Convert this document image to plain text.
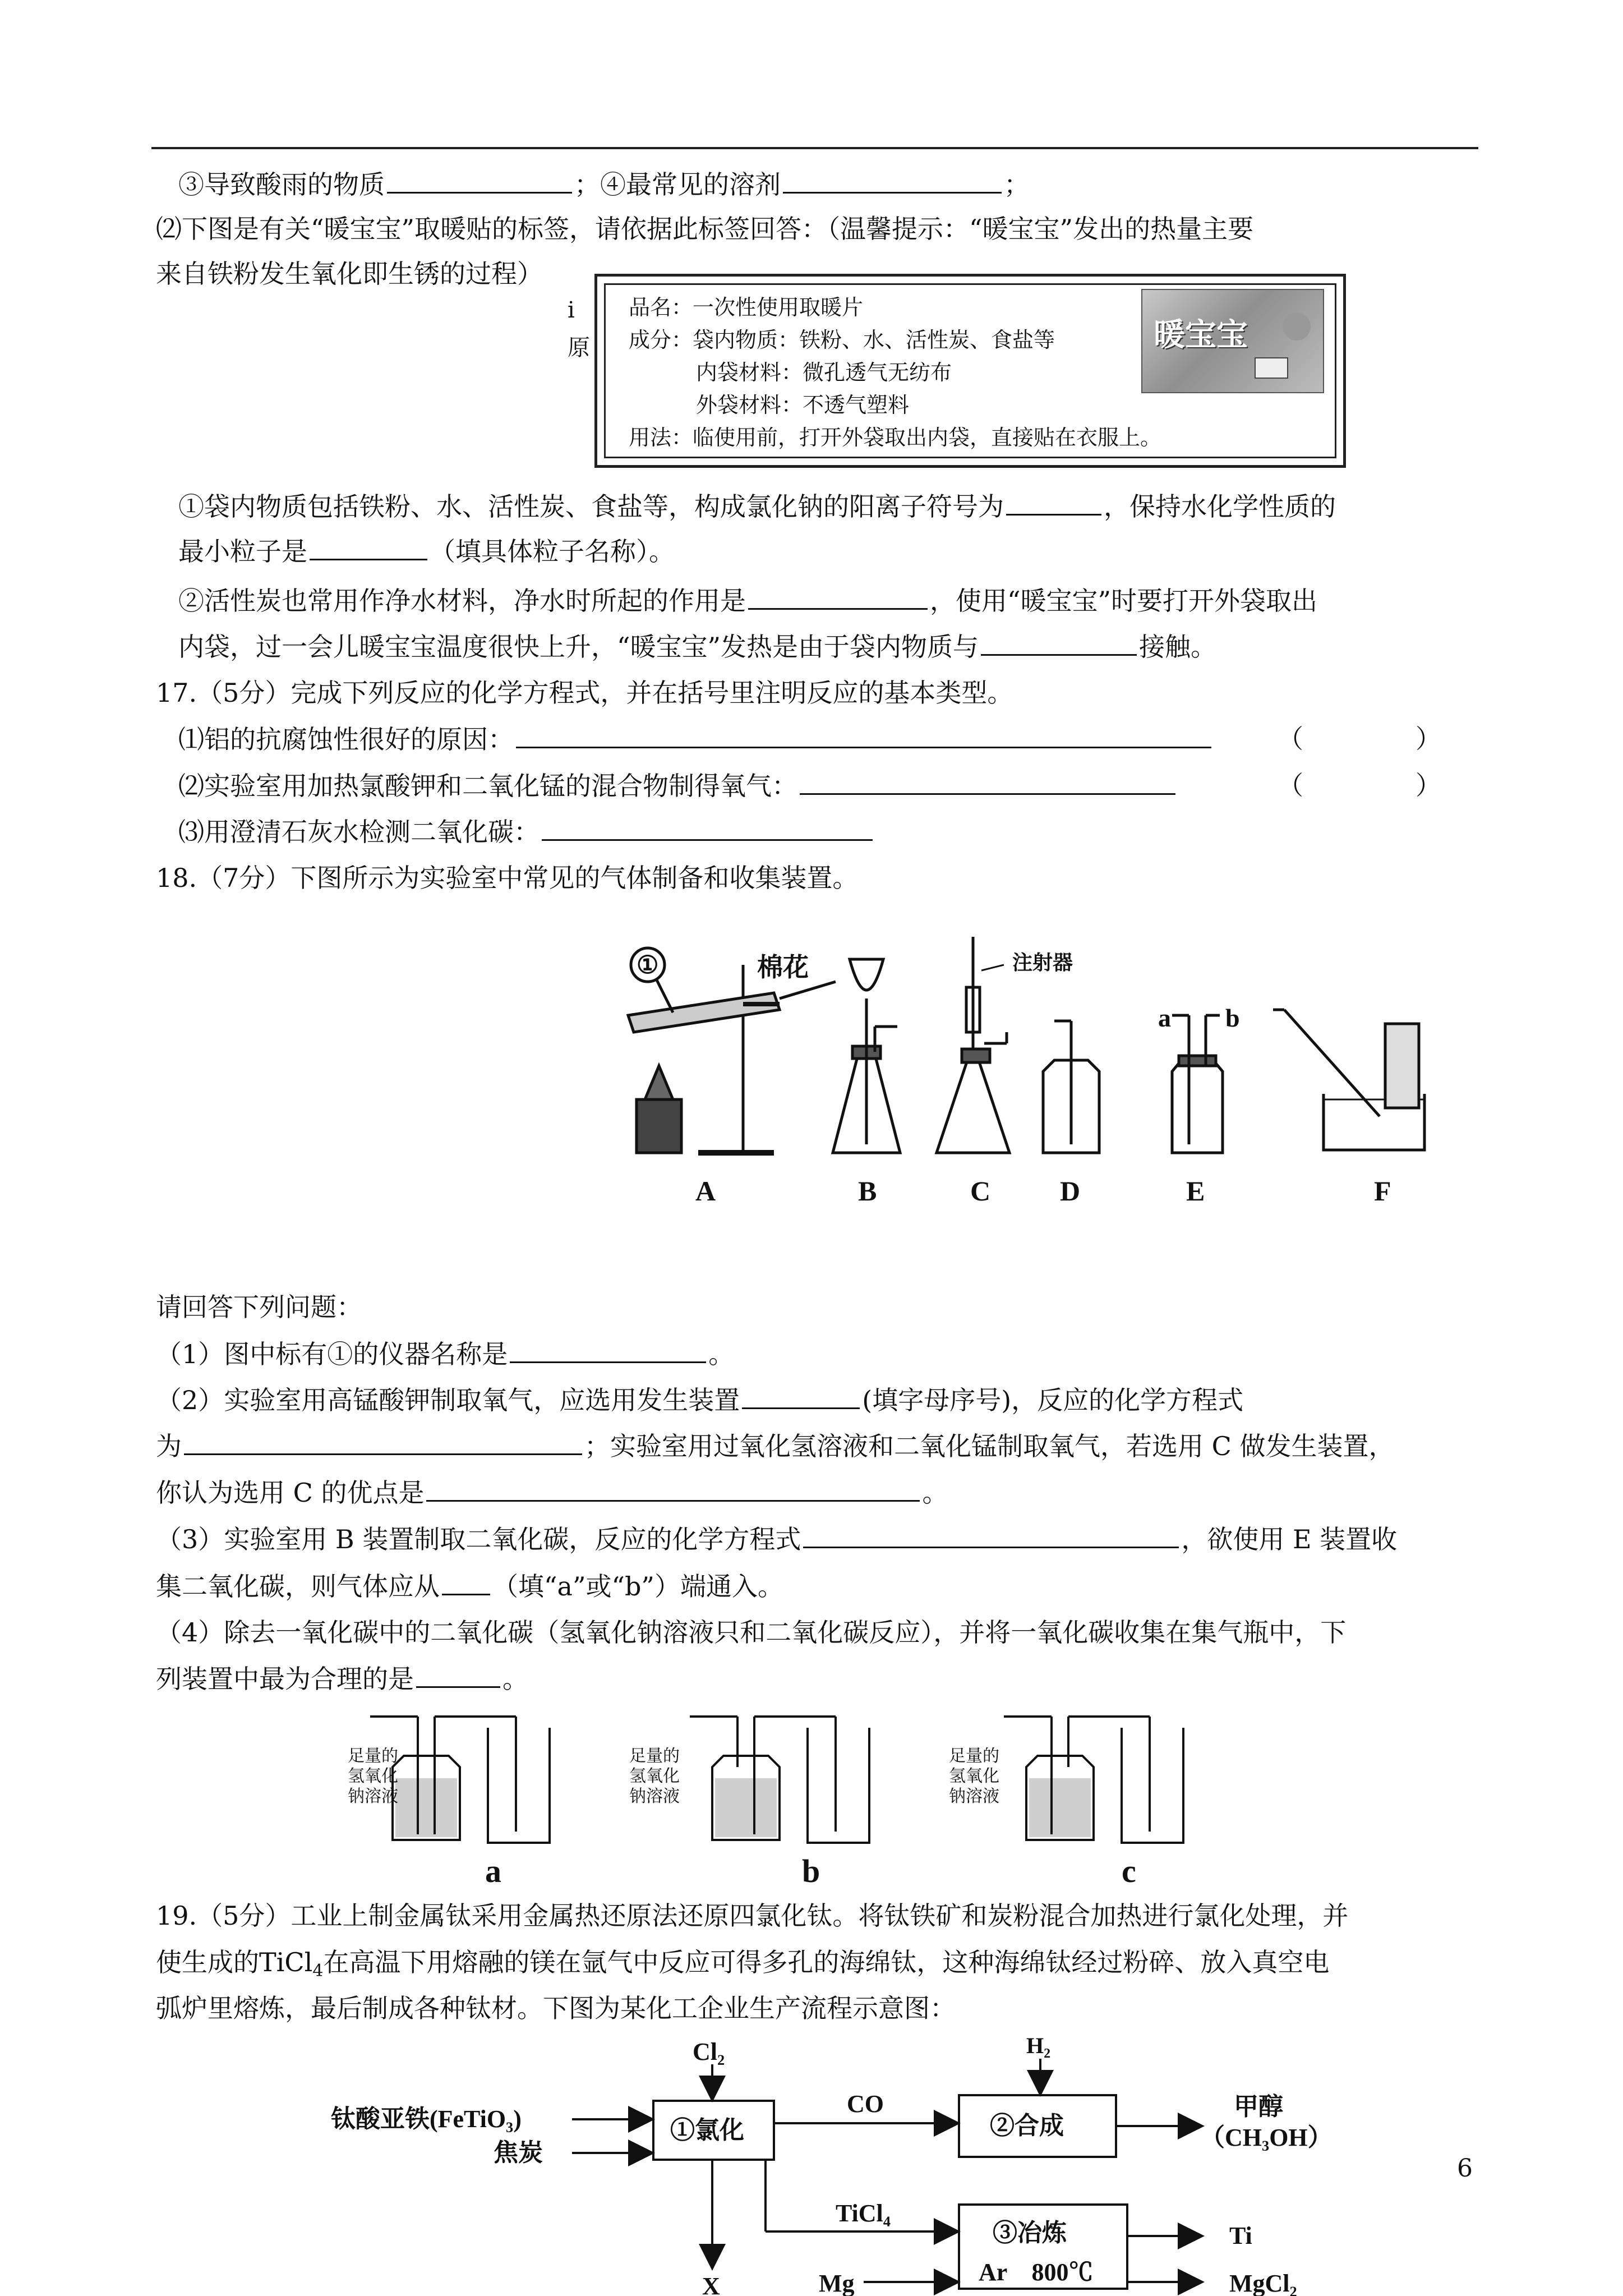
③导致酸雨的物质	；④最常见的溶剂	；
⑵下图是有关“暖宝宝”取暖贴的标签，请依据此标签回答：（温馨提示：“暖宝宝”发出的热量主要
来自铁粉发生氧化即生锈的过程）
i
原
品名：一次性使用取暖片
成分：袋内物质：铁粉、水、活性炭、食盐等
内袋材料：微孔透气无纺布
外袋材料：不透气塑料
用法：临使用前，打开外袋取出内袋，直接贴在衣服上。
暖宝宝
①袋内物质包括铁粉、水、活性炭、食盐等，构成氯化钠的阳离子符号为	，保持水化学性质的
最小粒子是	（填具体粒子名称）。
②活性炭也常用作净水材料，净水时所起的作用是	，使用“暖宝宝”时要打开外袋取出
内袋，过一会儿暖宝宝温度很快上升，“暖宝宝”发热是由于袋内物质与	接触。
17.（5分）完成下列反应的化学方程式，并在括号里注明反应的基本类型。
⑴铝的抗腐蚀性很好的原因：	（	）
⑵实验室用加热氯酸钾和二氧化锰的混合物制得氧气：	（	）
⑶用澄清石灰水检测二氧化碳：
18.（7分）下图所示为实验室中常见的气体制备和收集装置。
A	B	C D	E	F
棉花	注射器
①
a b
请回答下列问题：
（1）图中标有①的仪器名称是	。
（2）实验室用高锰酸钾制取氧气，应选用发生装置	(填字母序号)，反应的化学方程式
为	；实验室用过氧化氢溶液和二氧化锰制取氧气，若选用 C 做发生装置，
你认为选用 C 的优点是	。
（3）实验室用 B 装置制取二氧化碳，反应的化学方程式	，欲使用 E 装置收
集二氧化碳，则气体应从 （填“a”或“b”）端通入。
（4）除去一氧化碳中的二氧化碳（氢氧化钠溶液只和二氧化碳反应），并将一氧化碳收集在集气瓶中，下
列装置中最为合理的是	。
足量的
氢氧化
钠溶液
足量的
氢氧化
钠溶液
足量的
氢氧化
钠溶液
a	b	c
19.（5分）工业上制金属钛采用金属热还原法还原四氯化钛。将钛铁矿和炭粉混合加热进行氯化处理，并
使生成的TiCl$_4$在高温下用熔融的镁在氩气中反应可得多孔的海绵钛，这种海绵钛经过粉碎、放入真空电
弧炉里熔炼，最后制成各种钛材。下图为某化工企业生产流程示意图：
钛酸亚铁(FeTiO₃)
焦炭
Cl₂	H₂
①氯化	②合成
③冶炼
Ar　800℃
CO
TiCl₄
甲醇
（CH₃OH）
X	Mg
Ti
MgCl₂
6
